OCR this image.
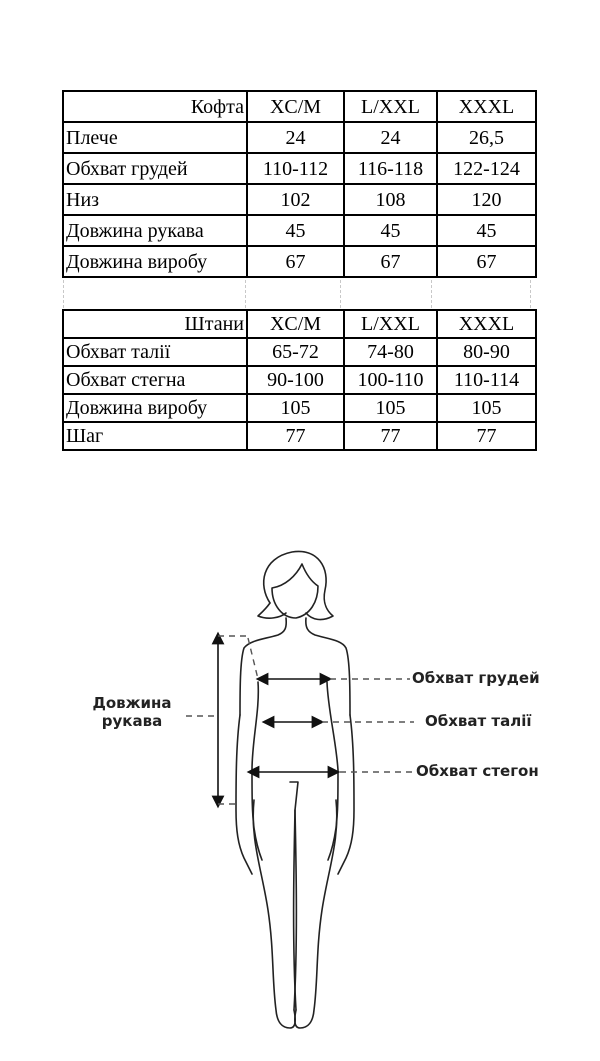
Кофта	XC/M	L/XXL	XXXL
Плече	24	24	26,5
Обхват грудей	110-112	116-118	122-124
Низ	102	108	120
Довжина рукава	45	45	45
Довжина виробу	67	67	67
Штани	XC/M	L/XXL	XXXL
Обхват талії	65-72	74-80	80-90
Обхват стегна	90-100	100-110	110-114
Довжина виробу	105	105	105
Шаг	77	77	77
Довжина
рукава
Обхват грудей
Обхват талії
Обхват стегон
